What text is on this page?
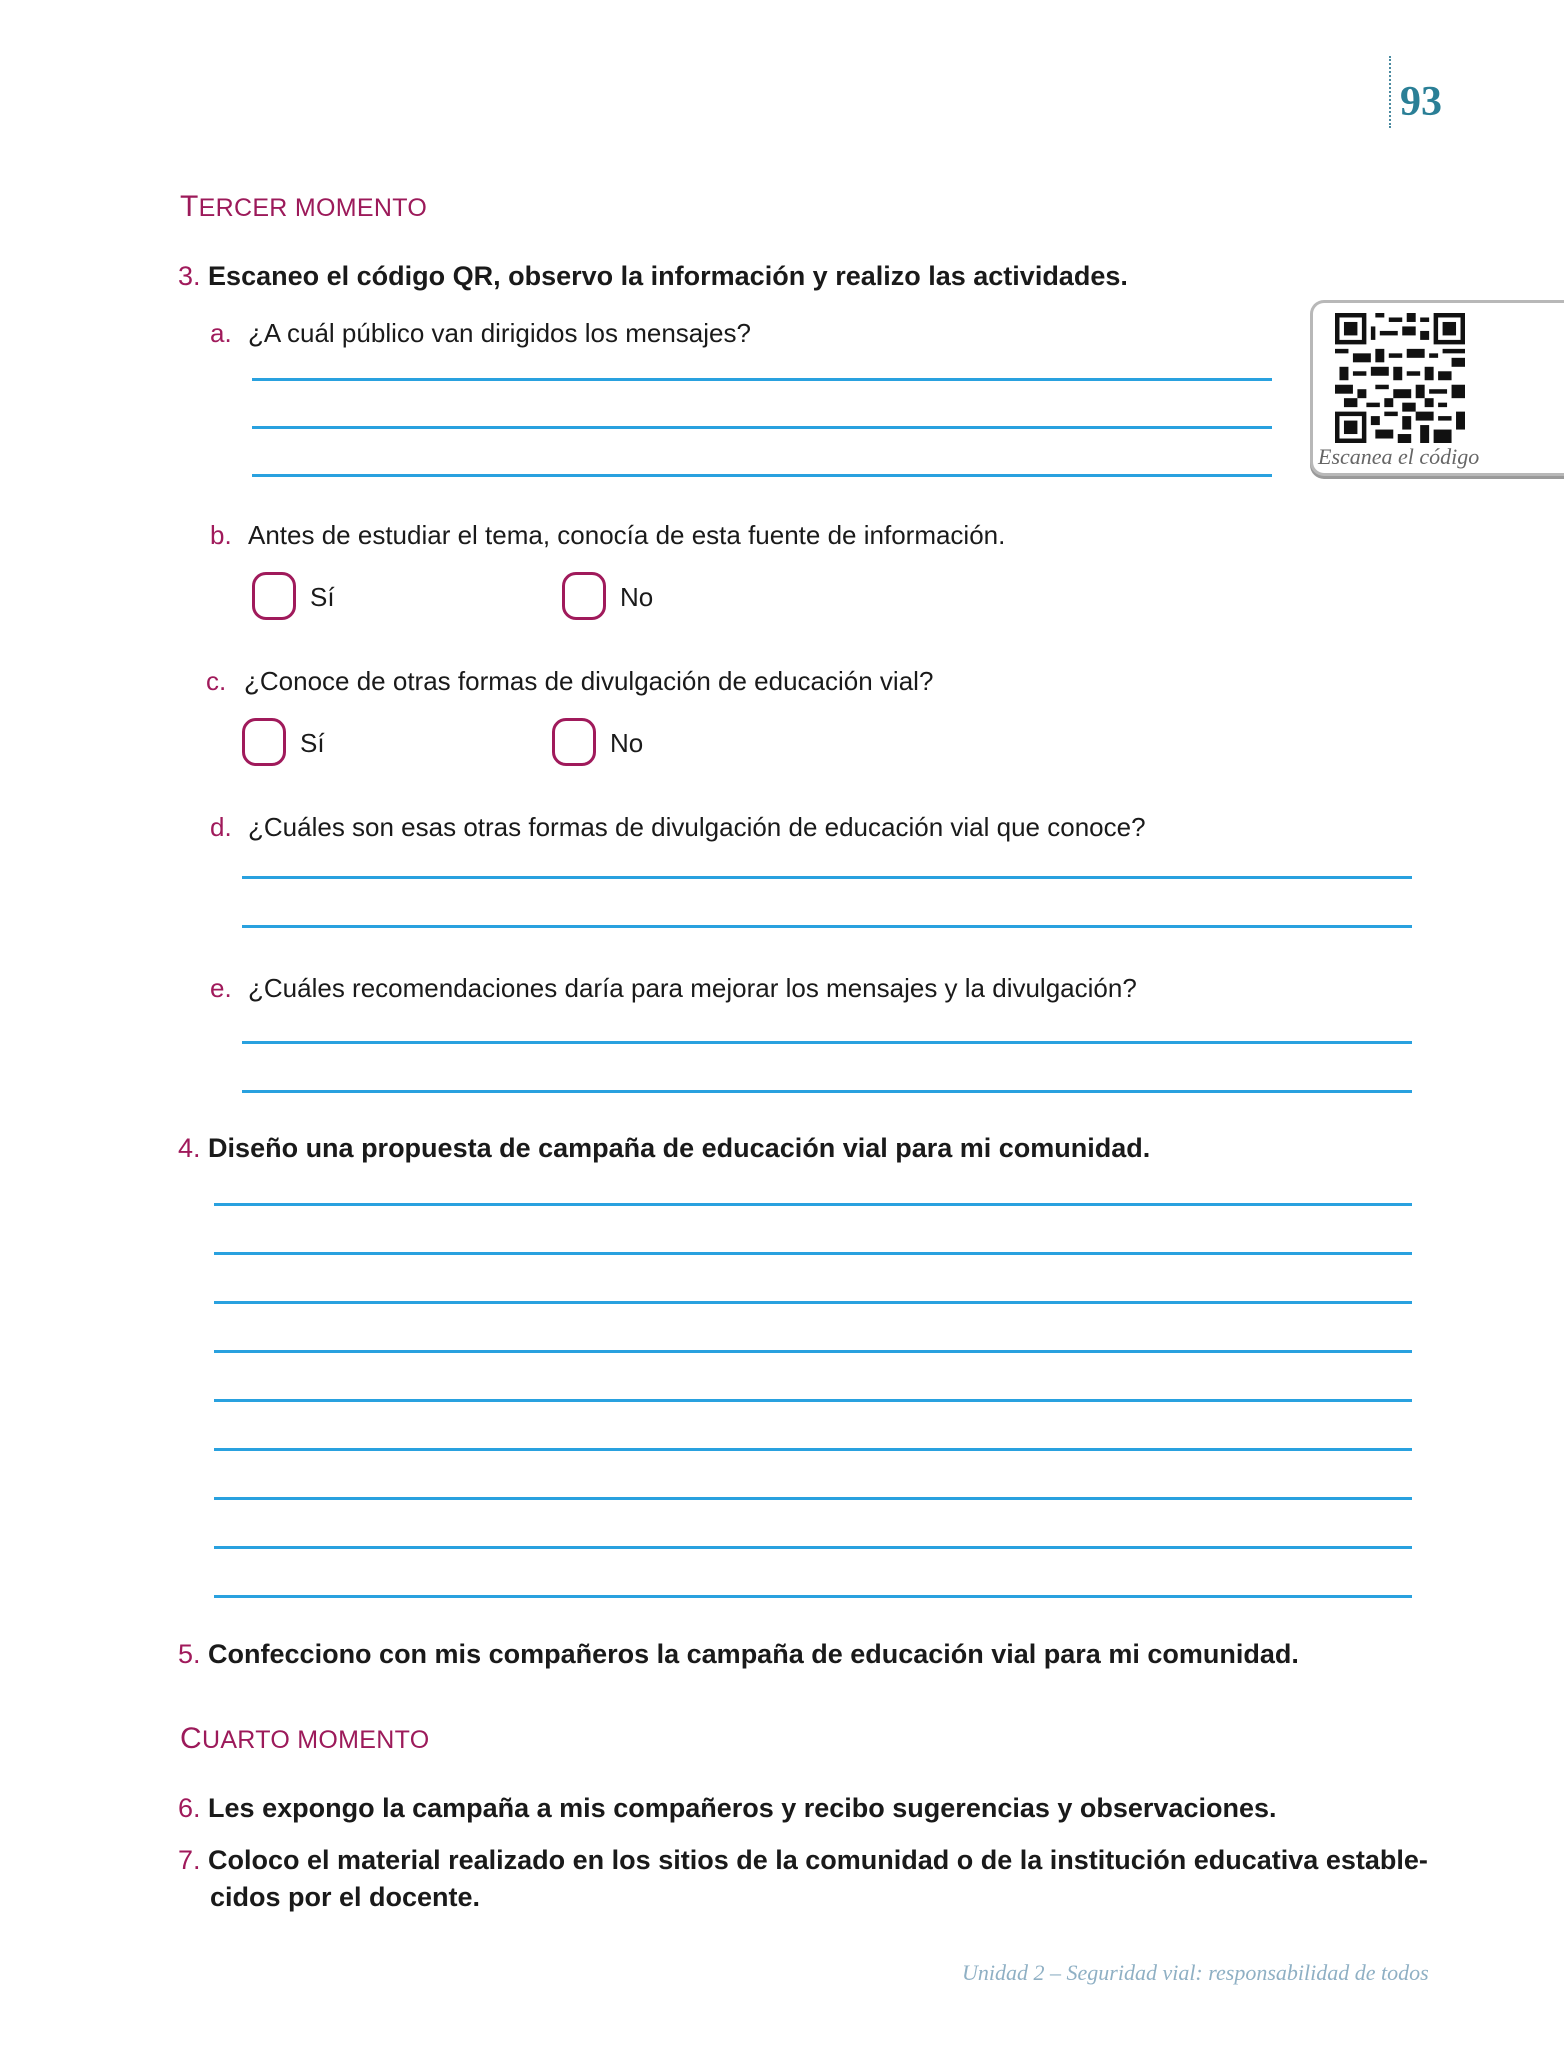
93
TERCER MOMENTO
3. Escaneo el código QR, observo la información y realizo las actividades.
Escanea el código
a. ¿A cuál público van dirigidos los mensajes?
b. Antes de estudiar el tema, conocía de esta fuente de información.
Sí	No
c. ¿Conoce de otras formas de divulgación de educación vial?
Sí	No
d. ¿Cuáles son esas otras formas de divulgación de educación vial que conoce?
e. ¿Cuáles recomendaciones daría para mejorar los mensajes y la divulgación?
4. Diseño una propuesta de campaña de educación vial para mi comunidad.
5. Confecciono con mis compañeros la campaña de educación vial para mi comunidad.
CUARTO MOMENTO
6. Les expongo la campaña a mis compañeros y recibo sugerencias y observaciones.
7. Coloco el material realizado en los sitios de la comunidad o de la institución educativa estable-
cidos por el docente.
Unidad 2 – Seguridad vial: responsabilidad de todos
